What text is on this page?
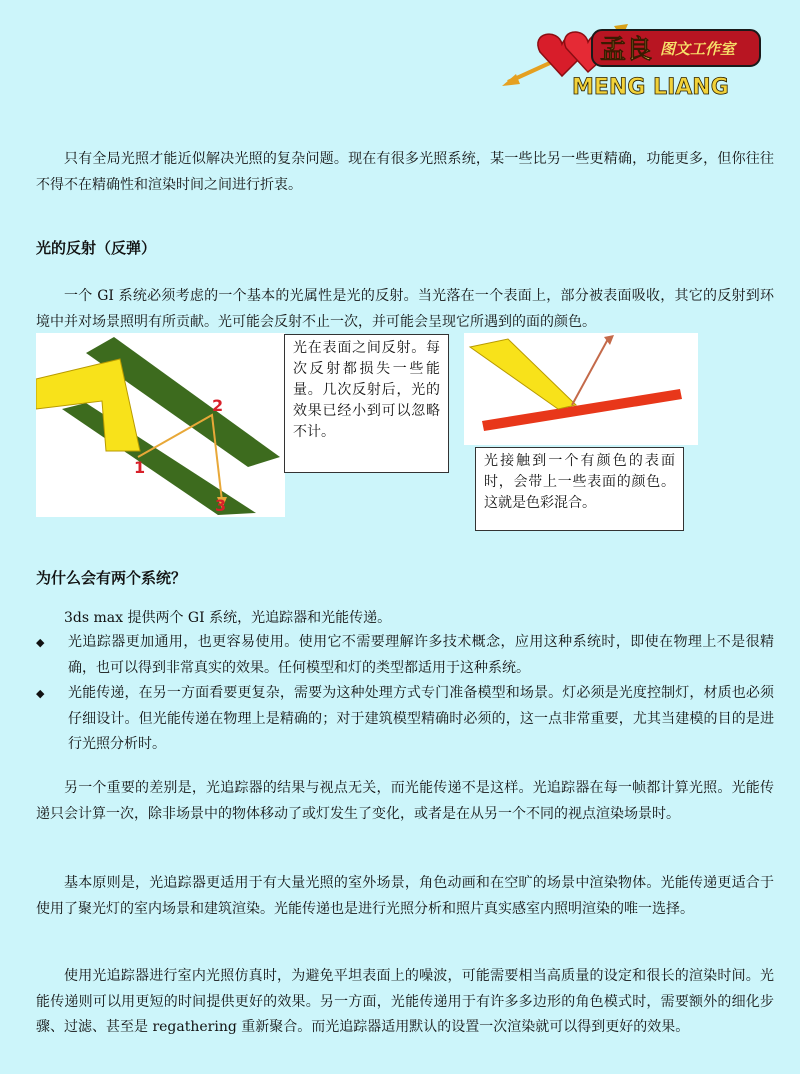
孟良 图文工作室
MENG LIANG

只有全局光照才能近似解决光照的复杂问题。现在有很多光照系统，某一些比另一些更精确，功能更多，但你往往不得不在精确性和渲染时间之间进行折衷。

光的反射（反弹）

一个 GI 系统必须考虑的一个基本的光属性是光的反射。当光落在一个表面上，部分被表面吸收，其它的反射到环境中并对场景照明有所贡献。光可能会反射不止一次，并可能会呈现它所遇到的面的颜色。

1
2
3
光在表面之间反射。每次反射都损失一些能量。几次反射后，光的效果已经小到可以忽略不计。
光接触到一个有颜色的表面时，会带上一些表面的颜色。这就是色彩混合。
为什么会有两个系统？

3ds max 提供两个 GI 系统，光追踪器和光能传递。

◆	光追踪器更加通用，也更容易使用。使用它不需要理解许多技术概念，应用这种系统时，即使在物理上不是很精确，也可以得到非常真实的效果。任何模型和灯的类型都适用于这种系统。

◆	光能传递，在另一方面看要更复杂，需要为这种处理方式专门准备模型和场景。灯必须是光度控制灯，材质也必须仔细设计。但光能传递在物理上是精确的；对于建筑模型精确时必须的，这一点非常重要，尤其当建模的目的是进行光照分析时。

另一个重要的差别是，光追踪器的结果与视点无关，而光能传递不是这样。光追踪器在每一帧都计算光照。光能传递只会计算一次，除非场景中的物体移动了或灯发生了变化，或者是在从另一个不同的视点渲染场景时。

基本原则是，光追踪器更适用于有大量光照的室外场景，角色动画和在空旷的场景中渲染物体。光能传递更适合于使用了聚光灯的室内场景和建筑渲染。光能传递也是进行光照分析和照片真实感室内照明渲染的唯一选择。

使用光追踪器进行室内光照仿真时，为避免平坦表面上的噪波，可能需要相当高质量的设定和很长的渲染时间。光能传递则可以用更短的时间提供更好的效果。另一方面，光能传递用于有许多多边形的角色模式时，需要额外的细化步骤、过滤、甚至是 regathering 重新聚合。而光追踪器适用默认的设置一次渲染就可以得到更好的效果。
